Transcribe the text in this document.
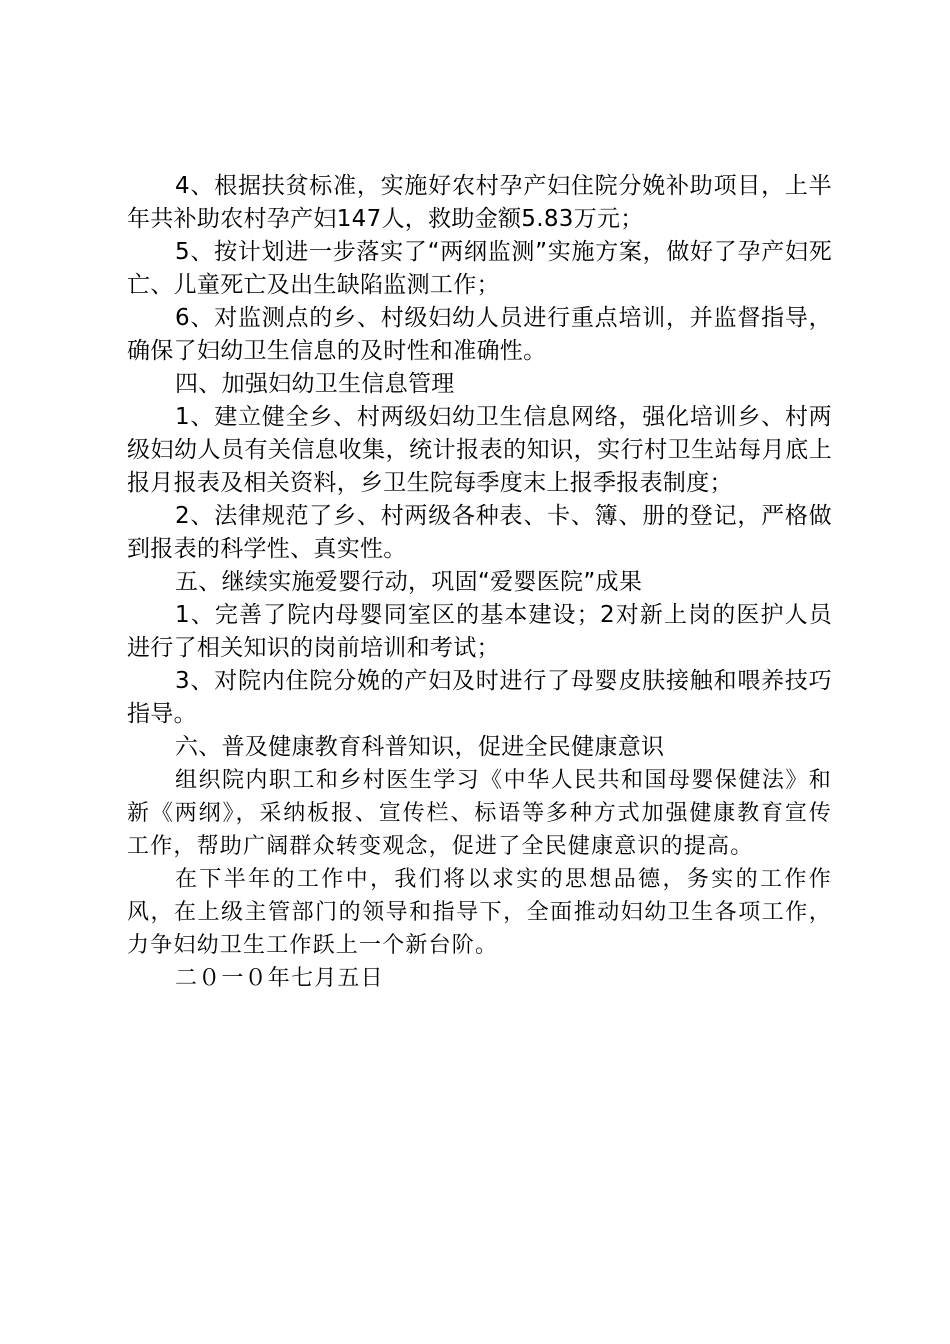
4、根据扶贫标准，实施好农村孕产妇住院分娩补助项目，上半年共补助农村孕产妇147人，救助金额5.83万元；

5、按计划进一步落实了“两纲监测”实施方案，做好了孕产妇死亡、儿童死亡及出生缺陷监测工作；

6、对监测点的乡、村级妇幼人员进行重点培训，并监督指导，确保了妇幼卫生信息的及时性和准确性。

四、加强妇幼卫生信息管理

1、建立健全乡、村两级妇幼卫生信息网络，强化培训乡、村两级妇幼人员有关信息收集，统计报表的知识，实行村卫生站每月底上报月报表及相关资料，乡卫生院每季度末上报季报表制度；

2、法律规范了乡、村两级各种表、卡、簿、册的登记，严格做到报表的科学性、真实性。

五、继续实施爱婴行动，巩固“爱婴医院”成果

1、完善了院内母婴同室区的基本建设；2对新上岗的医护人员进行了相关知识的岗前培训和考试；

3、对院内住院分娩的产妇及时进行了母婴皮肤接触和喂养技巧指导。

六、普及健康教育科普知识，促进全民健康意识

组织院内职工和乡村医生学习《中华人民共和国母婴保健法》和新《两纲》，采纳板报、宣传栏、标语等多种方式加强健康教育宣传工作，帮助广阔群众转变观念，促进了全民健康意识的提高。

在下半年的工作中，我们将以求实的思想品德，务实的工作作风，在上级主管部门的领导和指导下，全面推动妇幼卫生各项工作，力争妇幼卫生工作跃上一个新台阶。

二０一０年七月五日
